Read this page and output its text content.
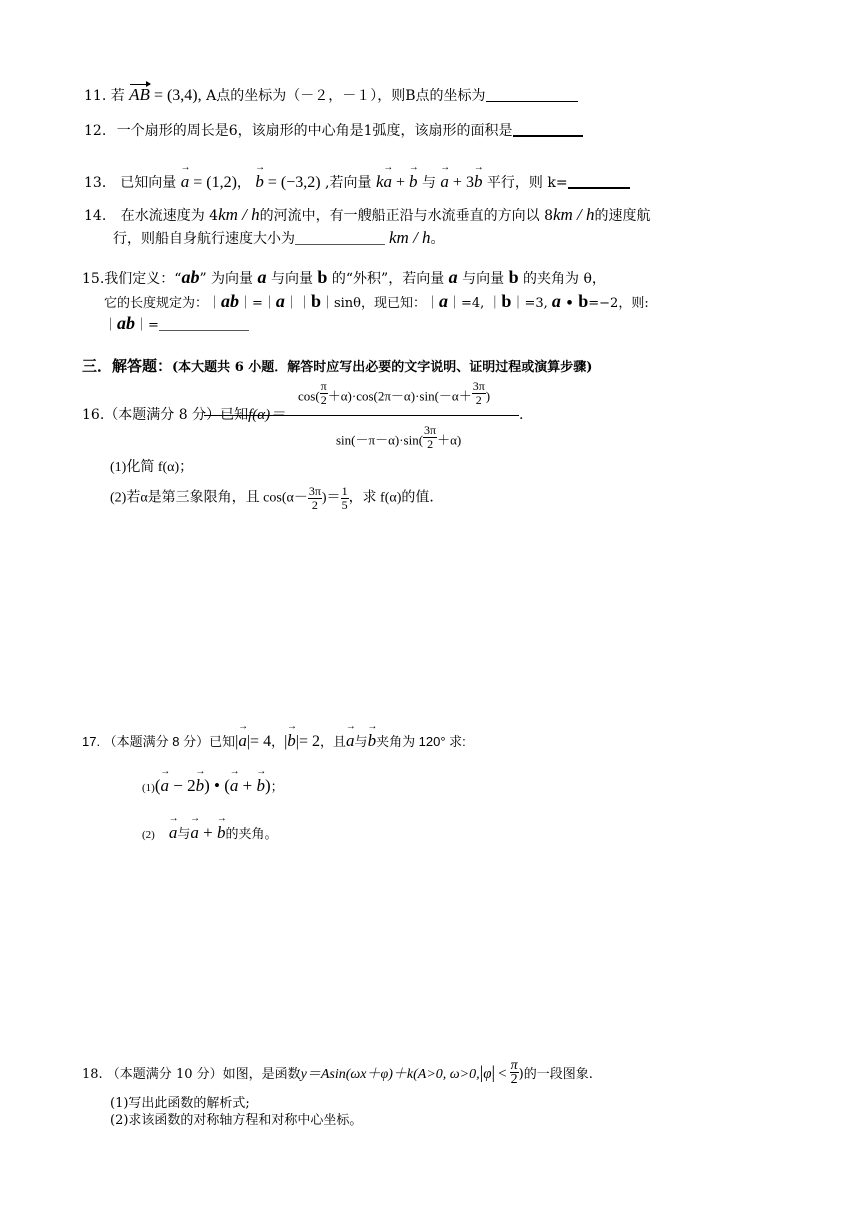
11. 若 AB = (3,4), A点的坐标为（－２，－１），则B点的坐标为
12. 一个扇形的周长是6，该扇形的中心角是1弧度，该扇形的面积是
13． 已知向量 → a = (1,2)， → b = (−3,2) ,若向量 k→ a + → b 与 → a + 3→ b 平行，则 k=
14. 在水流速度为 4km / h的河流中，有一艘船正沿与水流垂直的方向以 8km / h的速度航
行，则船自身航行速度大小为	km / h。
15.我们定义：“ab” 为向量 a 与向量 b 的“外积”，若向量 a 与向量 b 的夹角为 θ，
它的长度规定为：｜ab｜=｜a｜｜b｜sinθ，现已知：｜a｜=4, ｜b｜=3, a • b=−2，则:
｜ab｜=
三．解答题：(本大题共 6 小题．解答时应写出必要的文字说明、证明过程或演算步骤)
16.（本题满分 8 分）已知f(α)＝
$\cos( \frac{\pi}{2} +\alpha)\cdot\cos(2\pi-\alpha)\cdot\sin(-\alpha+ \frac{3\pi}{2}$ )
.
$\sin(-\pi-\alpha)\cdot\sin( \frac{3\pi}{2} +\alpha)$
(1)化简 f(α)；
(2)若α是第三象限角，且 $\cos(\alpha- \frac{3\pi}{2}$ )＝ $\frac{1}{5}$ ，求 f(α)的值．
17. （本题满分 8 分）已知|→ a|= 4，|→ b|= 2，且→ a与→ b夹角为 120° 求:
(1)(→ a − 2→ b) • (→ a + → b)；
(2) → a与→ a + → b的夹角。
18. （本题满分 10 分）如图，是函数y＝Asin(ωx＋φ)＋k(A>0, $\omega>0,|\varphi| < \frac{\pi}{2}$ )的一段图象.
(1)写出此函数的解析式;
(2)求该函数的对称轴方程和对称中心坐标。
